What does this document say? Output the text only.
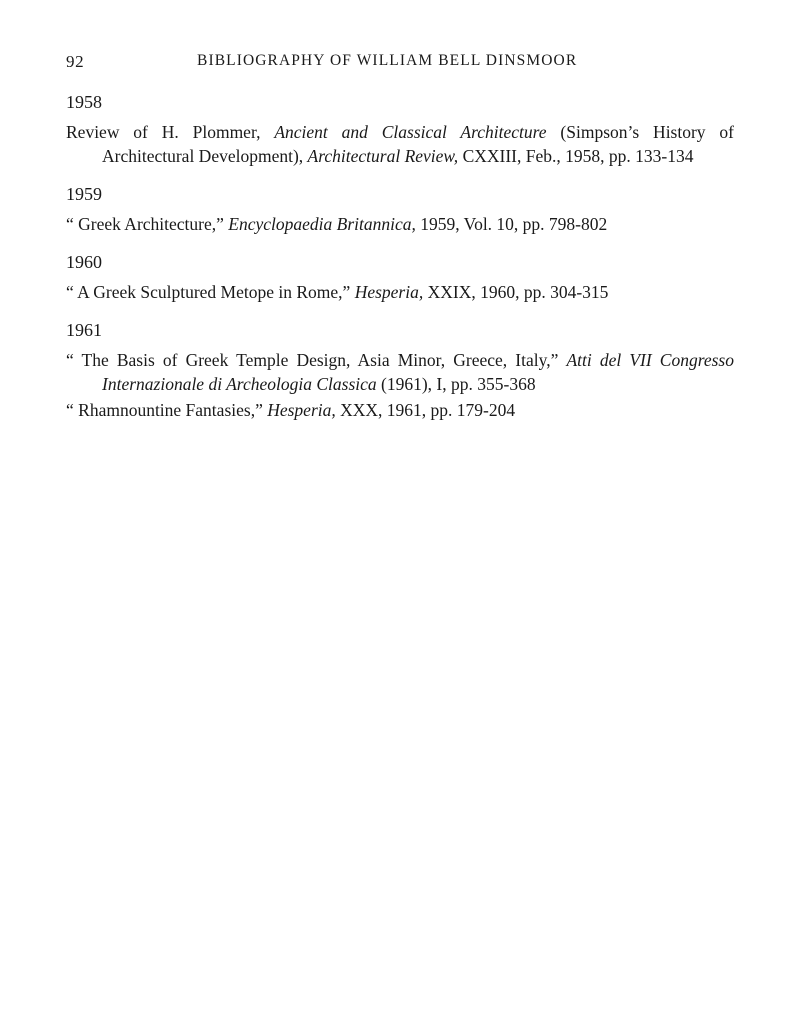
92	BIBLIOGRAPHY OF WILLIAM BELL DINSMOOR
1958
Review of H. Plommer, Ancient and Classical Architecture (Simpson’s History of Architectural Development), Architectural Review, CXXIII, Feb., 1958, pp. 133-134
1959
“ Greek Architecture,” Encyclopaedia Britannica, 1959, Vol. 10, pp. 798-802
1960
“ A Greek Sculptured Metope in Rome,” Hesperia, XXIX, 1960, pp. 304-315
1961
“ The Basis of Greek Temple Design, Asia Minor, Greece, Italy,” Atti del VII Congresso Internazionale di Archeologia Classica (1961), I, pp. 355-368
“ Rhamnountine Fantasies,” Hesperia, XXX, 1961, pp. 179-204
